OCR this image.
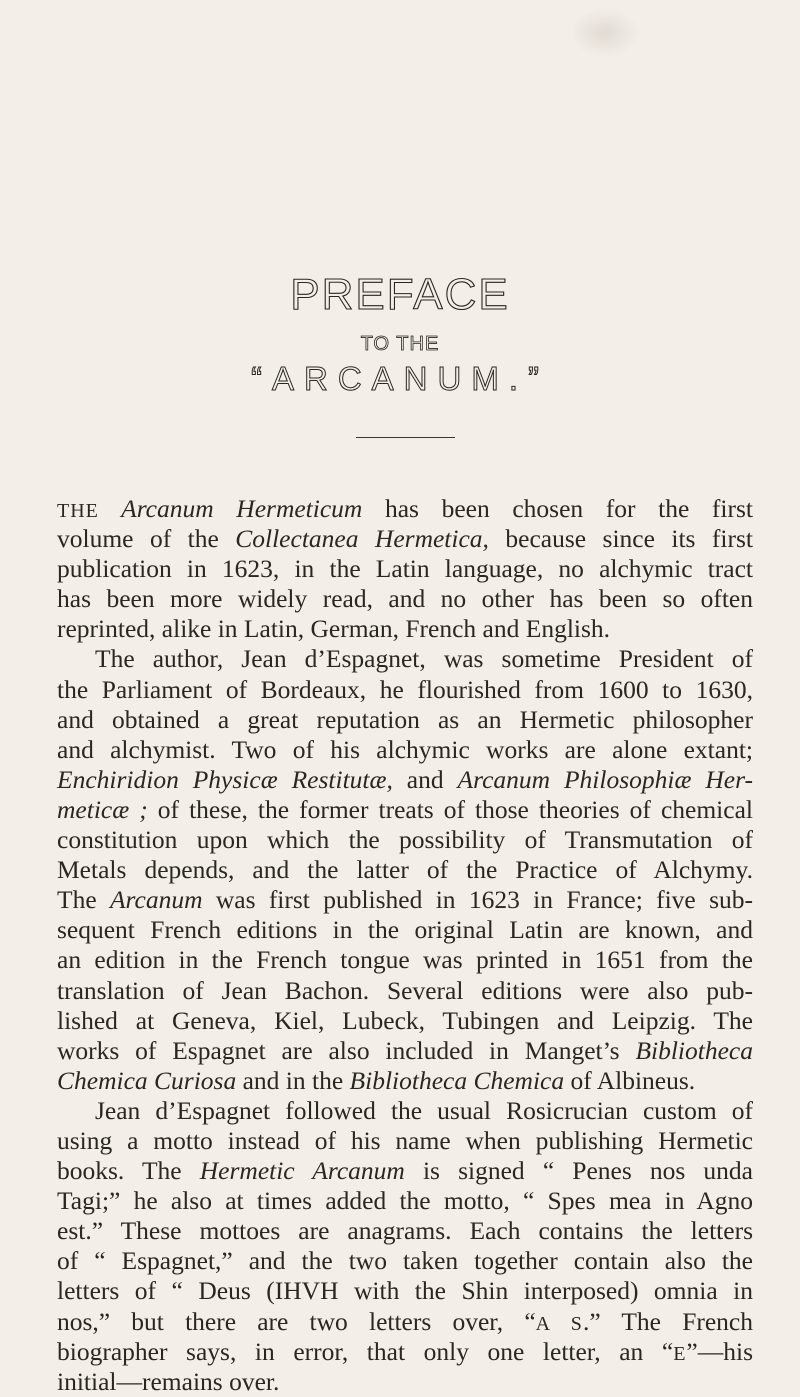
PREFACE
TO THE
“ARCANUM.”
THE Arcanum Hermeticum has been chosen for the first
volume of the Collectanea Hermetica, because since its first
publication in 1623, in the Latin language, no alchymic tract
has been more widely read, and no other has been so often
reprinted, alike in Latin, German, French and English.
The author, Jean d’Espagnet, was sometime President of
the Parliament of Bordeaux, he flourished from 1600 to 1630,
and obtained a great reputation as an Hermetic philosopher
and alchymist. Two of his alchymic works are alone extant;
Enchiridion Physicæ Restitutæ, and Arcanum Philosophiæ Her-
meticæ ; of these, the former treats of those theories of chemical
constitution upon which the possibility of Transmutation of
Metals depends, and the latter of the Practice of Alchymy.
The Arcanum was first published in 1623 in France; five sub-
sequent French editions in the original Latin are known, and
an edition in the French tongue was printed in 1651 from the
translation of Jean Bachon. Several editions were also pub-
lished at Geneva, Kiel, Lubeck, Tubingen and Leipzig. The
works of Espagnet are also included in Manget’s Bibliotheca
Chemica Curiosa and in the Bibliotheca Chemica of Albineus.
Jean d’Espagnet followed the usual Rosicrucian custom of
using a motto instead of his name when publishing Hermetic
books. The Hermetic Arcanum is signed “ Penes nos unda
Tagi;” he also at times added the motto, “ Spes mea in Agno
est.” These mottoes are anagrams. Each contains the letters
of “ Espagnet,” and the two taken together contain also the
letters of “ Deus (IHVH with the Shin interposed) omnia in
nos,” but there are two letters over, “A S.” The French
biographer says, in error, that only one letter, an “E”—his
initial—remains over.
